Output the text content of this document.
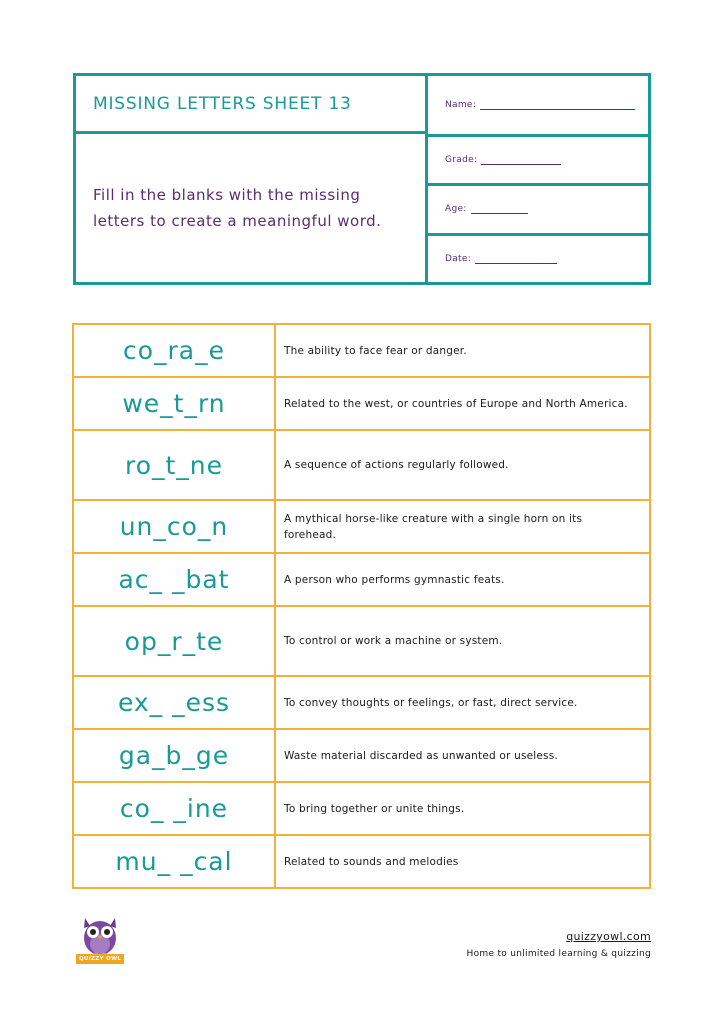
MISSING LETTERS SHEET 13
Fill in the blanks with the missing letters to create a meaningful word.
Name:
Grade:
Age:
Date:
co_ra_e	The ability to face fear or danger.
we_t_rn	Related to the west, or countries of Europe and North America.
ro_t_ne	A sequence of actions regularly followed.
un_co_n	A mythical horse-like creature with a single horn on its forehead.
ac_ _bat	A person who performs gymnastic feats.
op_r_te	To control or work a machine or system.
ex_ _ess	To convey thoughts or feelings, or fast, direct service.
ga_b_ge	Waste material discarded as unwanted or useless.
co_ _ine	To bring together or unite things.
mu_ _cal	Related to sounds and melodies
QUIZZY OWL
quizzyowl.com
Home to unlimited learning & quizzing
